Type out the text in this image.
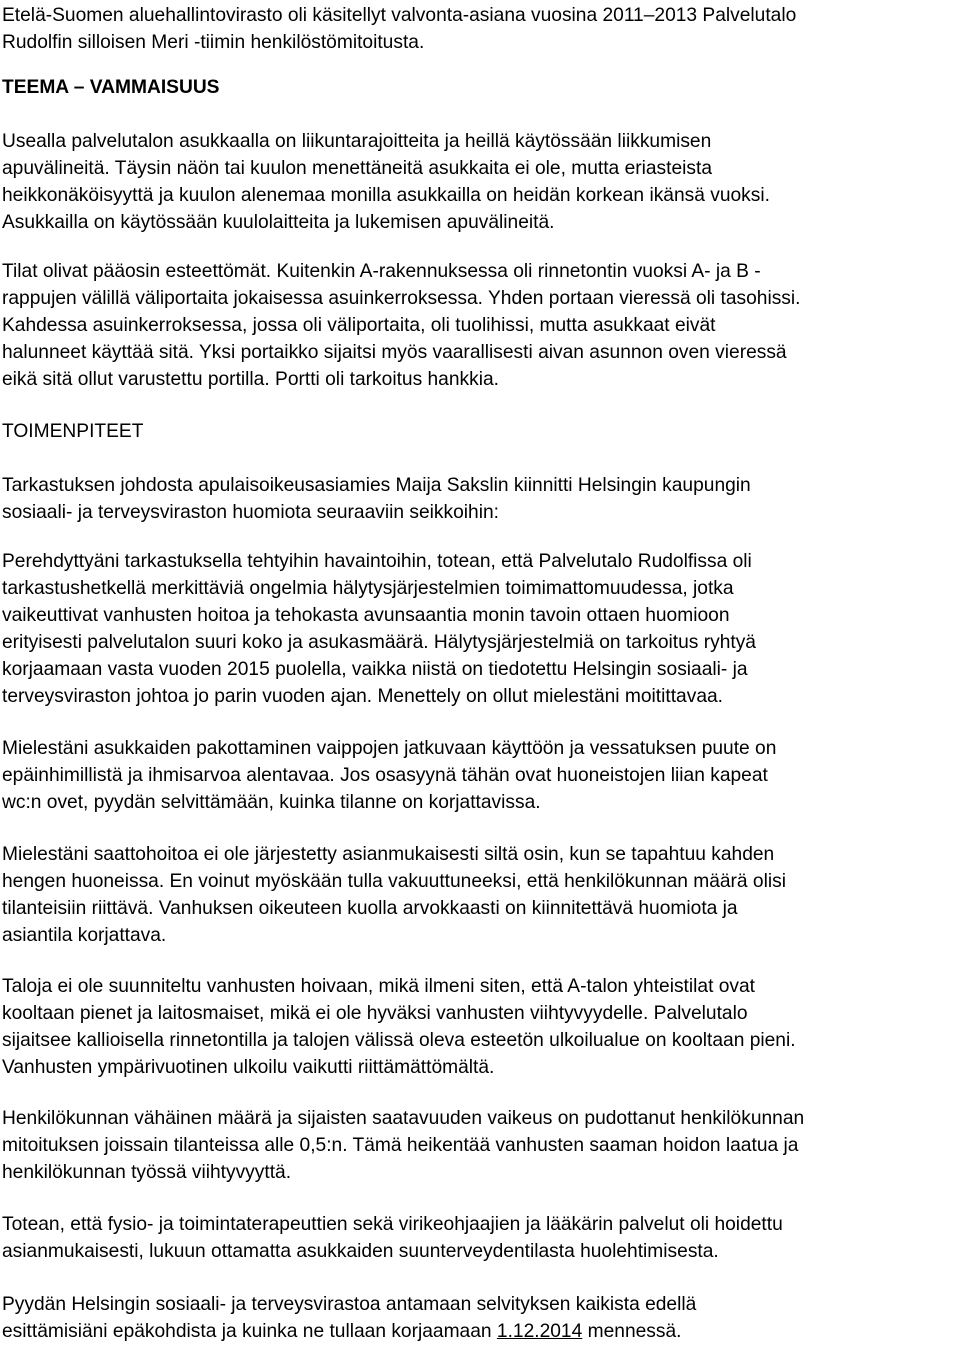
Etelä-Suomen aluehallintovirasto oli käsitellyt valvonta-asiana vuosina 2011–2013 Palvelutalo
Rudolfin silloisen Meri -tiimin henkilöstömitoitusta.
TEEMA – VAMMAISUUS
Usealla palvelutalon asukkaalla on liikuntarajoitteita ja heillä käytössään liikkumisen
apuvälineitä. Täysin näön tai kuulon menettäneitä asukkaita ei ole, mutta eriasteista
heikkonäköisyyttä ja kuulon alenemaa monilla asukkailla on heidän korkean ikänsä vuoksi.
Asukkailla on käytössään kuulolaitteita ja lukemisen apuvälineitä.
Tilat olivat pääosin esteettömät. Kuitenkin A-rakennuksessa oli rinnetontin vuoksi A- ja B -
rappujen välillä väliportaita jokaisessa asuinkerroksessa. Yhden portaan vieressä oli tasohissi.
Kahdessa asuinkerroksessa, jossa oli väliportaita, oli tuolihissi, mutta asukkaat eivät
halunneet käyttää sitä. Yksi portaikko sijaitsi myös vaarallisesti aivan asunnon oven vieressä
eikä sitä ollut varustettu portilla. Portti oli tarkoitus hankkia.
TOIMENPITEET
Tarkastuksen johdosta apulaisoikeusasiamies Maija Sakslin kiinnitti Helsingin kaupungin
sosiaali- ja terveysviraston huomiota seuraaviin seikkoihin:
Perehdyttyäni tarkastuksella tehtyihin havaintoihin, totean, että Palvelutalo Rudolfissa oli
tarkastushetkellä merkittäviä ongelmia hälytysjärjestelmien toimimattomuudessa, jotka
vaikeuttivat vanhusten hoitoa ja tehokasta avunsaantia monin tavoin ottaen huomioon
erityisesti palvelutalon suuri koko ja asukasmäärä. Hälytysjärjestelmiä on tarkoitus ryhtyä
korjaamaan vasta vuoden 2015 puolella, vaikka niistä on tiedotettu Helsingin sosiaali- ja
terveysviraston johtoa jo parin vuoden ajan. Menettely on ollut mielestäni moitittavaa.
Mielestäni asukkaiden pakottaminen vaippojen jatkuvaan käyttöön ja vessatuksen puute on
epäinhimillistä ja ihmisarvoa alentavaa. Jos osasyynä tähän ovat huoneistojen liian kapeat
wc:n ovet, pyydän selvittämään, kuinka tilanne on korjattavissa.
Mielestäni saattohoitoa ei ole järjestetty asianmukaisesti siltä osin, kun se tapahtuu kahden
hengen huoneissa. En voinut myöskään tulla vakuuttuneeksi, että henkilökunnan määrä olisi
tilanteisiin riittävä. Vanhuksen oikeuteen kuolla arvokkaasti on kiinnitettävä huomiota ja
asiantila korjattava.
Taloja ei ole suunniteltu vanhusten hoivaan, mikä ilmeni siten, että A-talon yhteistilat ovat
kooltaan pienet ja laitosmaiset, mikä ei ole hyväksi vanhusten viihtyvyydelle. Palvelutalo
sijaitsee kallioisella rinnetontilla ja talojen välissä oleva esteetön ulkoilualue on kooltaan pieni.
Vanhusten ympärivuotinen ulkoilu vaikutti riittämättömältä.
Henkilökunnan vähäinen määrä ja sijaisten saatavuuden vaikeus on pudottanut henkilökunnan
mitoituksen joissain tilanteissa alle 0,5:n. Tämä heikentää vanhusten saaman hoidon laatua ja
henkilökunnan työssä viihtyvyyttä.
Totean, että fysio- ja toimintaterapeuttien sekä virikeohjaajien ja lääkärin palvelut oli hoidettu
asianmukaisesti, lukuun ottamatta asukkaiden suunterveydentilasta huolehtimisesta.
Pyydän Helsingin sosiaali- ja terveysvirastoa antamaan selvityksen kaikista edellä
esittämisiäni epäkohdista ja kuinka ne tullaan korjaamaan 1.12.2014 mennessä.
